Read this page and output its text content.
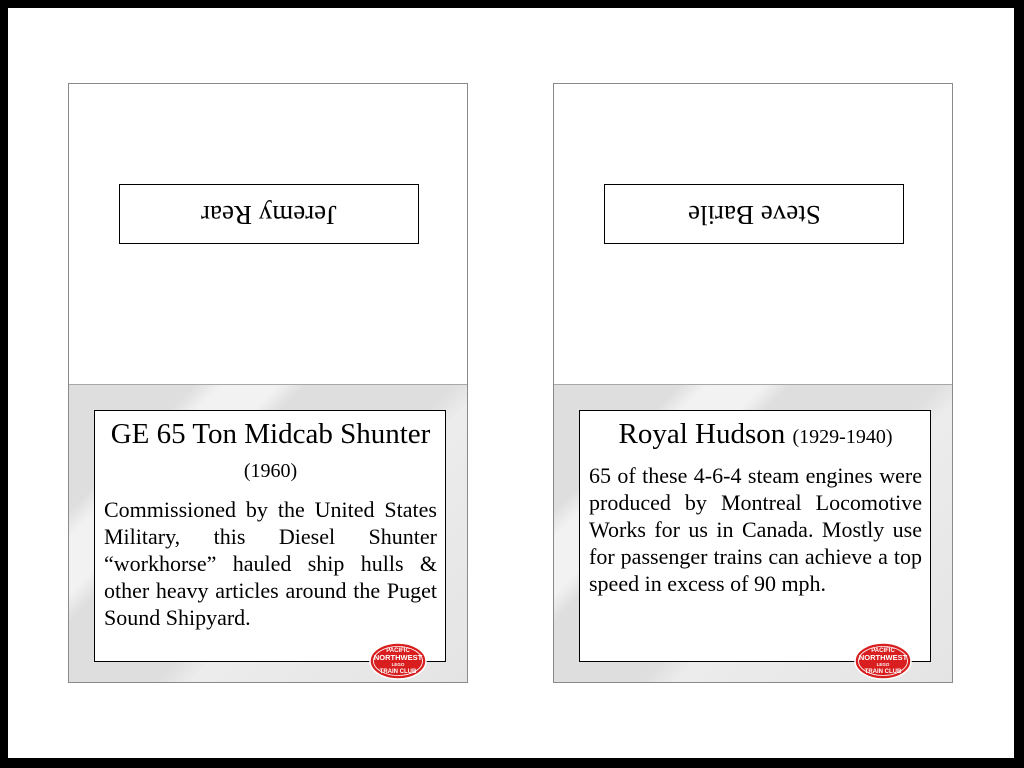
Jeremy Rear

GE 65 Ton Midcab Shunter (1960)

Commissioned by the United States Military, this Diesel Shunter “workhorse” hauled ship hulls & other heavy articles around the Puget Sound Shipyard.

PACIFIC
NORTHWEST
LEGO
TRAIN CLUB
Steve Barile

Royal Hudson (1929-1940)

65 of these 4-6-4 steam engines were produced by Montreal Locomotive Works for us in Canada. Mostly use for passenger trains can achieve a top speed in excess of 90 mph.

PACIFIC
NORTHWEST
LEGO
TRAIN CLUB
